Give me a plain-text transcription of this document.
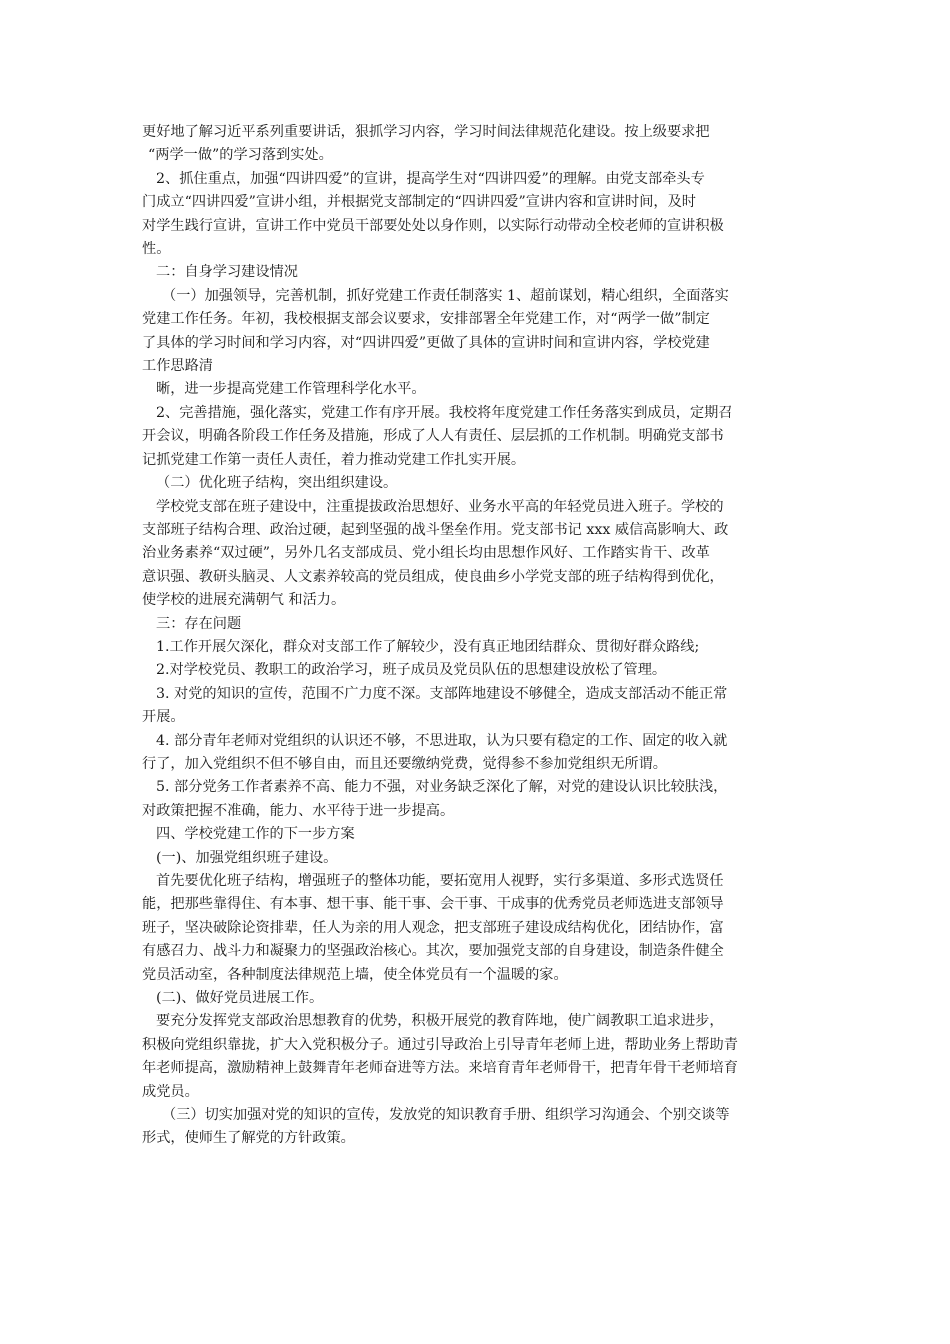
更好地了解习近平系列重要讲话，狠抓学习内容，学习时间法律规范化建设。按上级要求把
“两学一做”的学习落到实处。
2、抓住重点，加强“四讲四爱”的宣讲，提高学生对“四讲四爱”的理解。由党支部牵头专
门成立“四讲四爱”宣讲小组，并根据党支部制定的“四讲四爱”宣讲内容和宣讲时间，及时
对学生践行宣讲，宣讲工作中党员干部要处处以身作则，以实际行动带动全校老师的宣讲积极
性。
二：自身学习建设情况
（一）加强领导，完善机制，抓好党建工作责任制落实 1、超前谋划，精心组织，全面落实
党建工作任务。年初，我校根据支部会议要求，安排部署全年党建工作，对“两学一做”制定
了具体的学习时间和学习内容，对“四讲四爱”更做了具体的宣讲时间和宣讲内容，学校党建
工作思路清
晰，进一步提高党建工作管理科学化水平。
2、完善措施，强化落实，党建工作有序开展。我校将年度党建工作任务落实到成员，定期召
开会议，明确各阶段工作任务及措施，形成了人人有责任、层层抓的工作机制。明确党支部书
记抓党建工作第一责任人责任，着力推动党建工作扎实开展。
（二）优化班子结构，突出组织建设。
学校党支部在班子建设中，注重提拔政治思想好、业务水平高的年轻党员进入班子。学校的
支部班子结构合理、政治过硬，起到坚强的战斗堡垒作用。党支部书记 xxx 威信高影响大、政
治业务素养“双过硬”，另外几名支部成员、党小组长均由思想作风好、工作踏实肯干、改革
意识强、教研头脑灵、人文素养较高的党员组成，使良曲乡小学党支部的班子结构得到优化，
使学校的进展充满朝气 和活力。
三：存在问题
1.工作开展欠深化，群众对支部工作了解较少，没有真正地团结群众、贯彻好群众路线;
2.对学校党员、教职工的政治学习，班子成员及党员队伍的思想建设放松了管理。
3. 对党的知识的宣传，范围不广力度不深。支部阵地建设不够健全，造成支部活动不能正常
开展。
4. 部分青年老师对党组织的认识还不够，不思进取，认为只要有稳定的工作、固定的收入就
行了，加入党组织不但不够自由，而且还要缴纳党费，觉得参不参加党组织无所谓。
5. 部分党务工作者素养不高、能力不强，对业务缺乏深化了解，对党的建设认识比较肤浅，
对政策把握不准确，能力、水平待于进一步提高。
四、学校党建工作的下一步方案
(一)、加强党组织班子建设。
首先要优化班子结构，增强班子的整体功能，要拓宽用人视野，实行多渠道、多形式选贤任
能，把那些靠得住、有本事、想干事、能干事、会干事、干成事的优秀党员老师选进支部领导
班子，坚决破除论资排辈，任人为亲的用人观念，把支部班子建设成结构优化，团结协作，富
有感召力、战斗力和凝聚力的坚强政治核心。其次，要加强党支部的自身建设，制造条件健全
党员活动室，各种制度法律规范上墙，使全体党员有一个温暖的家。
(二)、做好党员进展工作。
要充分发挥党支部政治思想教育的优势，积极开展党的教育阵地，使广阔教职工追求进步，
积极向党组织靠拢，扩大入党积极分子。通过引导政治上引导青年老师上进，帮助业务上帮助青
年老师提高，激励精神上鼓舞青年老师奋进等方法。来培育青年老师骨干，把青年骨干老师培育
成党员。
（三）切实加强对党的知识的宣传，发放党的知识教育手册、组织学习沟通会、个别交谈等
形式，使师生了解党的方针政策。
